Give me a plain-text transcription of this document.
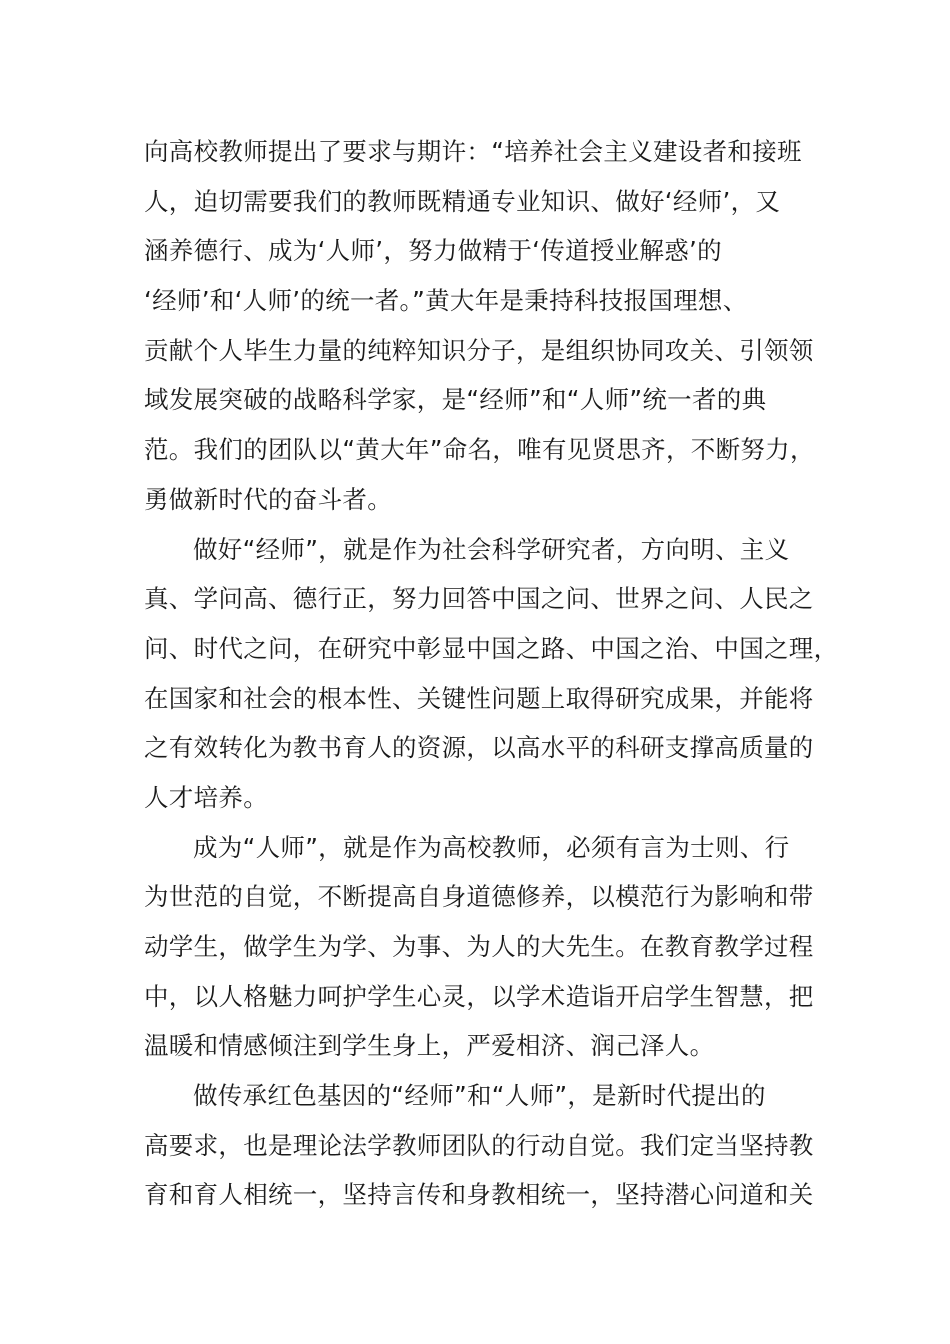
向高校教师提出了要求与期许：“培养社会主义建设者和接班
人，迫切需要我们的教师既精通专业知识、做好‘经师’，又
涵养德行、成为‘人师’，努力做精于‘传道授业解惑’的
‘经师’和‘人师’的统一者。”黄大年是秉持科技报国理想、
贡献个人毕生力量的纯粹知识分子，是组织协同攻关、引领领
域发展突破的战略科学家，是“经师”和“人师”统一者的典
范。我们的团队以“黄大年”命名，唯有见贤思齐，不断努力，
勇做新时代的奋斗者。
做好“经师”，就是作为社会科学研究者，方向明、主义
真、学问高、德行正，努力回答中国之问、世界之问、人民之
问、时代之问，在研究中彰显中国之路、中国之治、中国之理，
在国家和社会的根本性、关键性问题上取得研究成果，并能将
之有效转化为教书育人的资源，以高水平的科研支撑高质量的
人才培养。
成为“人师”，就是作为高校教师，必须有言为士则、行
为世范的自觉，不断提高自身道德修养，以模范行为影响和带
动学生，做学生为学、为事、为人的大先生。在教育教学过程
中，以人格魅力呵护学生心灵，以学术造诣开启学生智慧，把
温暖和情感倾注到学生身上，严爱相济、润己泽人。
做传承红色基因的“经师”和“人师”，是新时代提出的
高要求，也是理论法学教师团队的行动自觉。我们定当坚持教
育和育人相统一，坚持言传和身教相统一，坚持潜心问道和关
